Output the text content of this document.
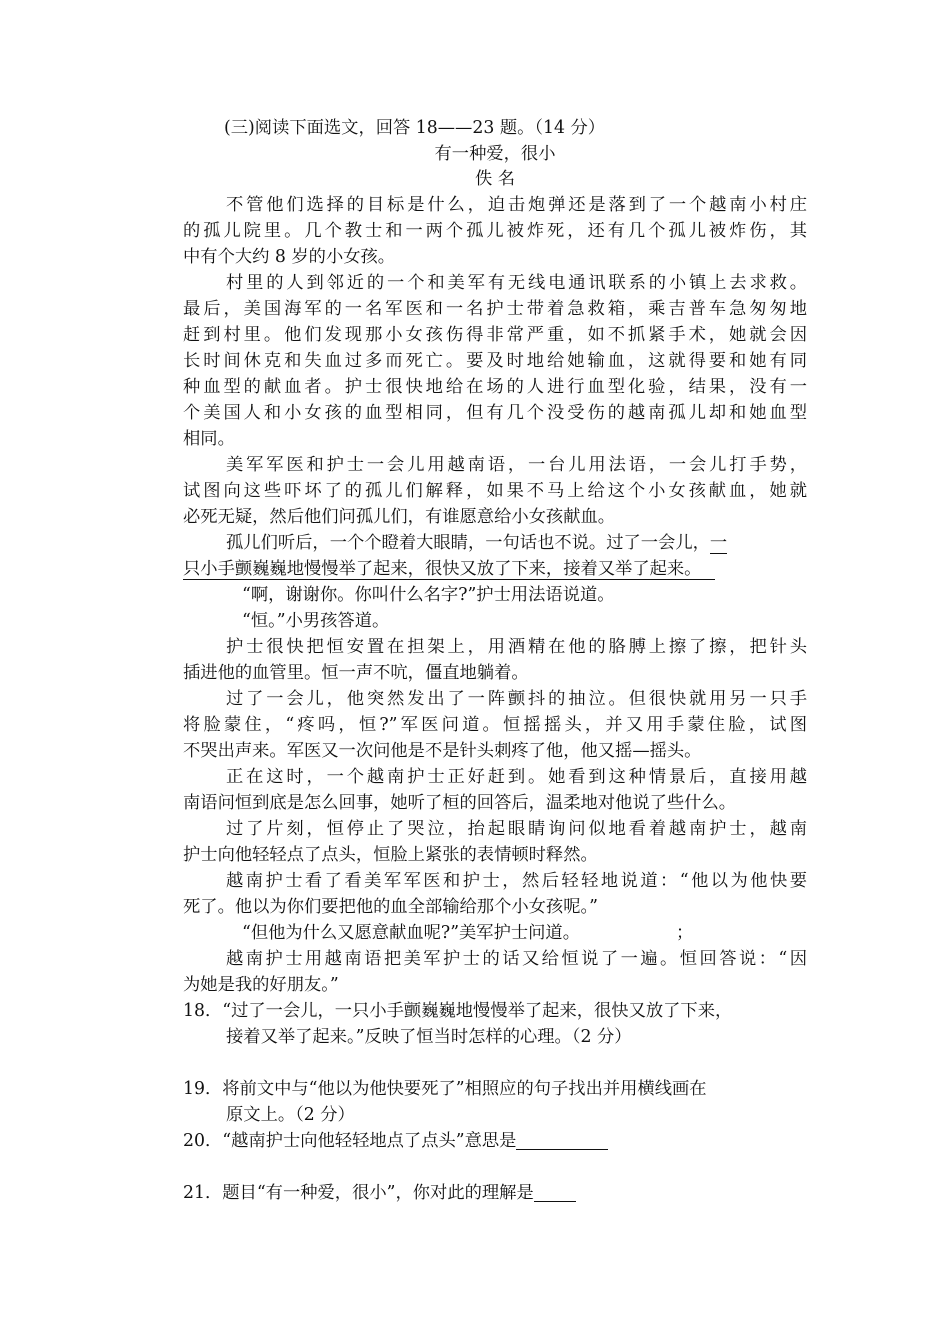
(三)阅读下面选文，回答 18——23 题。（14 分）
有一种爱，很小
佚 名
不管他们选择的目标是什么，迫击炮弹还是落到了一个越南小村庄
的孤儿院里。几个教士和一两个孤儿被炸死，还有几个孤儿被炸伤，其
中有个大约 8 岁的小女孩。
村里的人到邻近的一个和美军有无线电通讯联系的小镇上去求救。
最后，美国海军的一名军医和一名护士带着急救箱，乘吉普车急匆匆地
赶到村里。他们发现那小女孩伤得非常严重，如不抓紧手术，她就会因
长时间休克和失血过多而死亡。要及时地给她输血，这就得要和她有同
种血型的献血者。护士很快地给在场的人进行血型化验，结果，没有一
个美国人和小女孩的血型相同，但有几个没受伤的越南孤儿却和她血型
相同。
美军军医和护士一会儿用越南语，一台儿用法语，一会儿打手势，
试图向这些吓坏了的孤儿们解释，如果不马上给这个小女孩献血，她就
必死无疑，然后他们问孤儿们，有谁愿意给小女孩献血。
孤儿们听后，一个个瞪着大眼睛，一句话也不说。过了一会儿，一
只小手颤巍巍地慢慢举了起来，很快又放了下来，接着又举了起来。
“啊，谢谢你。你叫什么名字?”护士用法语说道。
“恒。”小男孩答道。
护士很快把恒安置在担架上，用酒精在他的胳膊上擦了擦，把针头
插进他的血管里。恒一声不吭，僵直地躺着。
过了一会儿，他突然发出了一阵颤抖的抽泣。但很快就用另一只手
将脸蒙住，“疼吗，恒?”军医问道。恒摇摇头，并又用手蒙住脸，试图
不哭出声来。军医又一次问他是不是针头刺疼了他，他又摇—摇头。
正在这时，一个越南护士正好赶到。她看到这种情景后，直接用越
南语问恒到底是怎么回事，她听了桓的回答后，温柔地对他说了些什么。
过了片刻，恒停止了哭泣，抬起眼睛询问似地看着越南护士，越南
护士向他轻轻点了点头，恒脸上紧张的表情顿时释然。
越南护士看了看美军军医和护士，然后轻轻地说道：“他以为他快要
死了。他以为你们要把他的血全部输给那个小女孩呢。”
“但他为什么又愿意献血呢?”美军护士问道。	；
越南护士用越南语把美军护士的话又给恒说了一遍。恒回答说：“因
为她是我的好朋友。”
18．“过了一会儿，一只小手颤巍巍地慢慢举了起来，很快又放了下来，
接着又举了起来。”反映了恒当时怎样的心理。（2 分）
19．将前文中与“他以为他快要死了”相照应的句子找出并用横线画在
原文上。（2 分）
20．“越南护士向他轻轻地点了点头”意思是
21．题目“有一种爱，很小”，你对此的理解是
